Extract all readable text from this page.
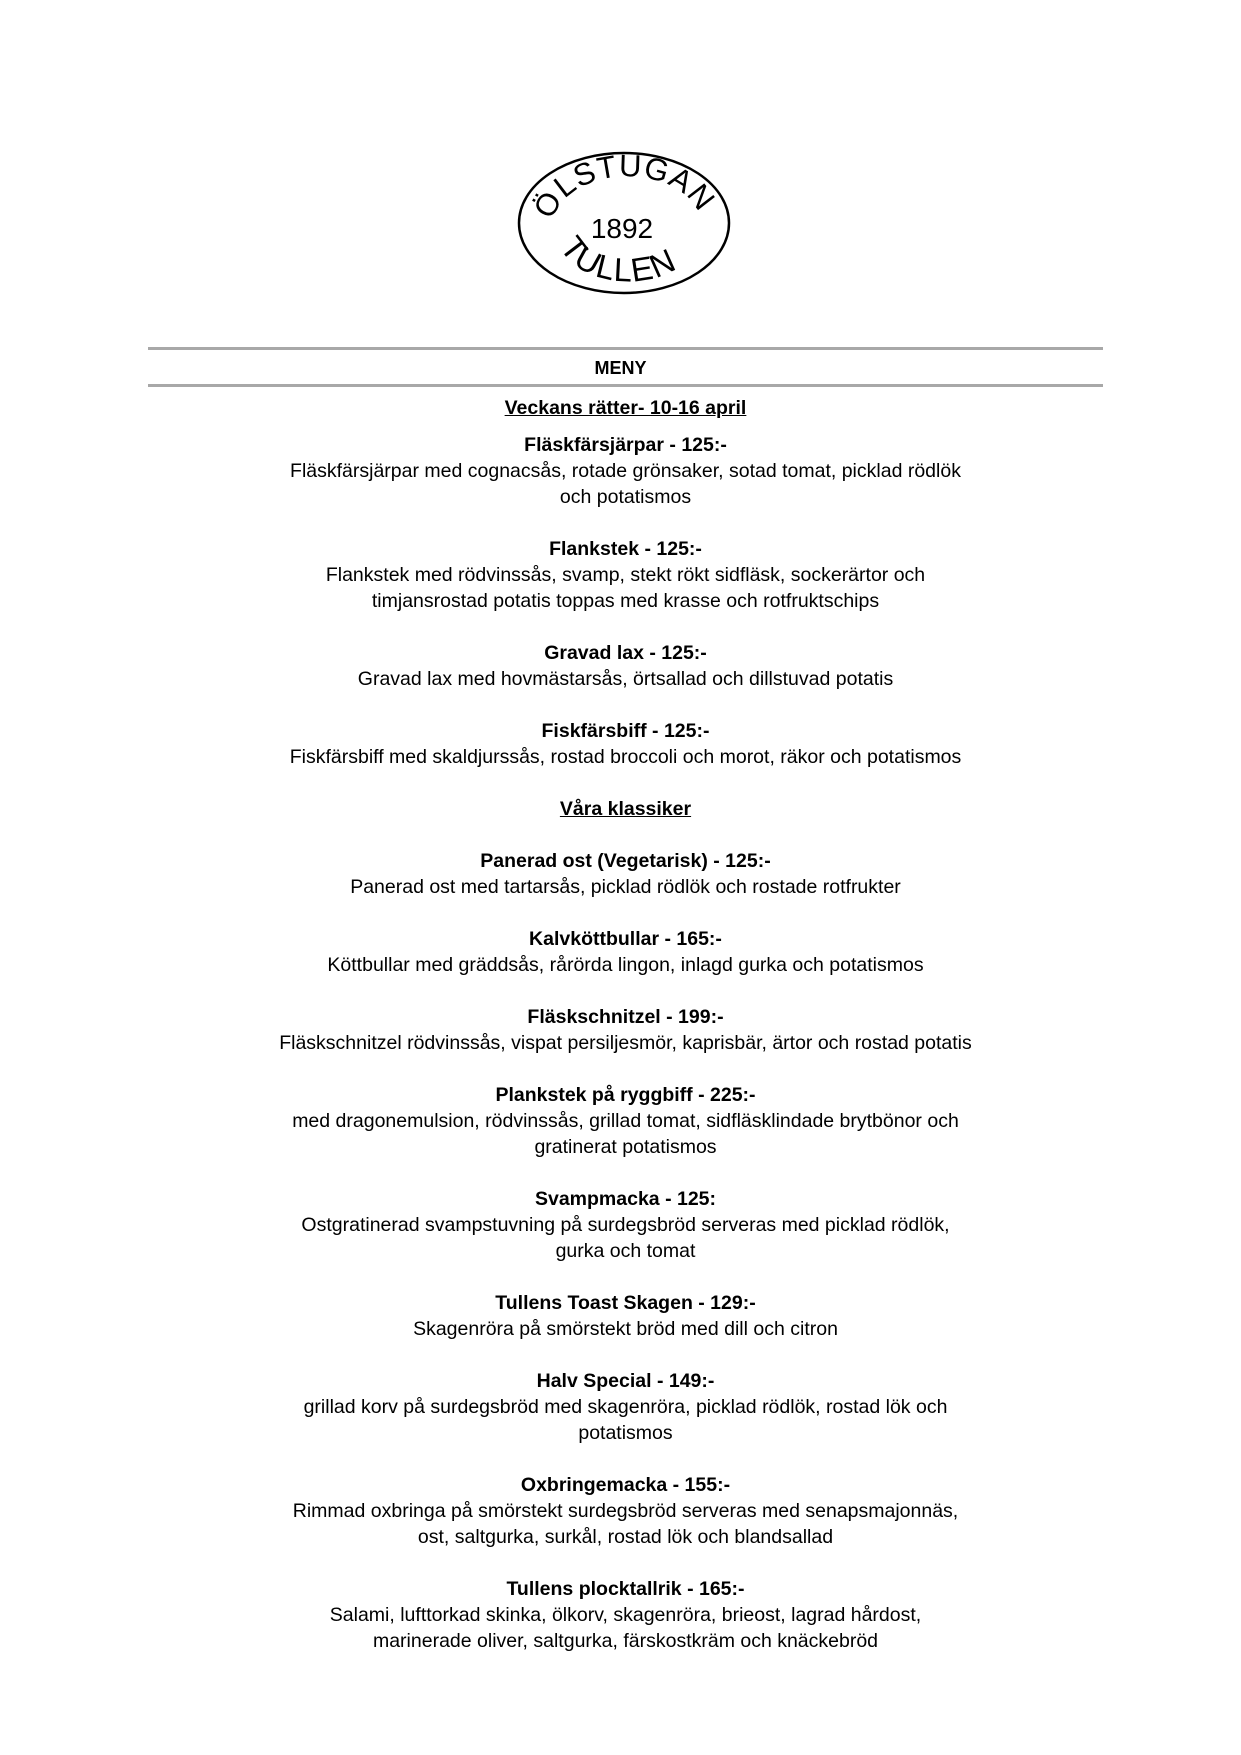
ÖLSTUGAN
1892
TULLEN
MENY
Veckans rätter- 10-16 april
Fläskfärsjärpar - 125:-
Fläskfärsjärpar med cognacsås, rotade grönsaker, sotad tomat, picklad rödlök
och potatismos
Flankstek - 125:-
Flankstek med rödvinssås, svamp, stekt rökt sidfläsk, sockerärtor och
timjansrostad potatis toppas med krasse och rotfruktschips
Gravad lax - 125:-
Gravad lax med hovmästarsås, örtsallad och dillstuvad potatis
Fiskfärsbiff - 125:-
Fiskfärsbiff med skaldjurssås, rostad broccoli och morot, räkor och potatismos
Våra klassiker
Panerad ost (Vegetarisk) - 125:-
Panerad ost med tartarsås, picklad rödlök och rostade rotfrukter
Kalvköttbullar - 165:-
Köttbullar med gräddsås, rårörda lingon, inlagd gurka och potatismos
Fläskschnitzel - 199:-
Fläskschnitzel rödvinssås, vispat persiljesmör, kaprisbär, ärtor och rostad potatis
Plankstek på ryggbiff - 225:-
med dragonemulsion, rödvinssås, grillad tomat, sidfläsklindade brytbönor och
gratinerat potatismos
Svampmacka - 125:
Ostgratinerad svampstuvning på surdegsbröd serveras med picklad rödlök,
gurka och tomat
Tullens Toast Skagen - 129:-
Skagenröra på smörstekt bröd med dill och citron
Halv Special - 149:-
grillad korv på surdegsbröd med skagenröra, picklad rödlök, rostad lök och
potatismos
Oxbringemacka - 155:-
Rimmad oxbringa på smörstekt surdegsbröd serveras med senapsmajonnäs,
ost, saltgurka, surkål, rostad lök och blandsallad
Tullens plocktallrik - 165:-
Salami, lufttorkad skinka, ölkorv, skagenröra, brieost, lagrad hårdost,
marinerade oliver, saltgurka, färskostkräm och knäckebröd
